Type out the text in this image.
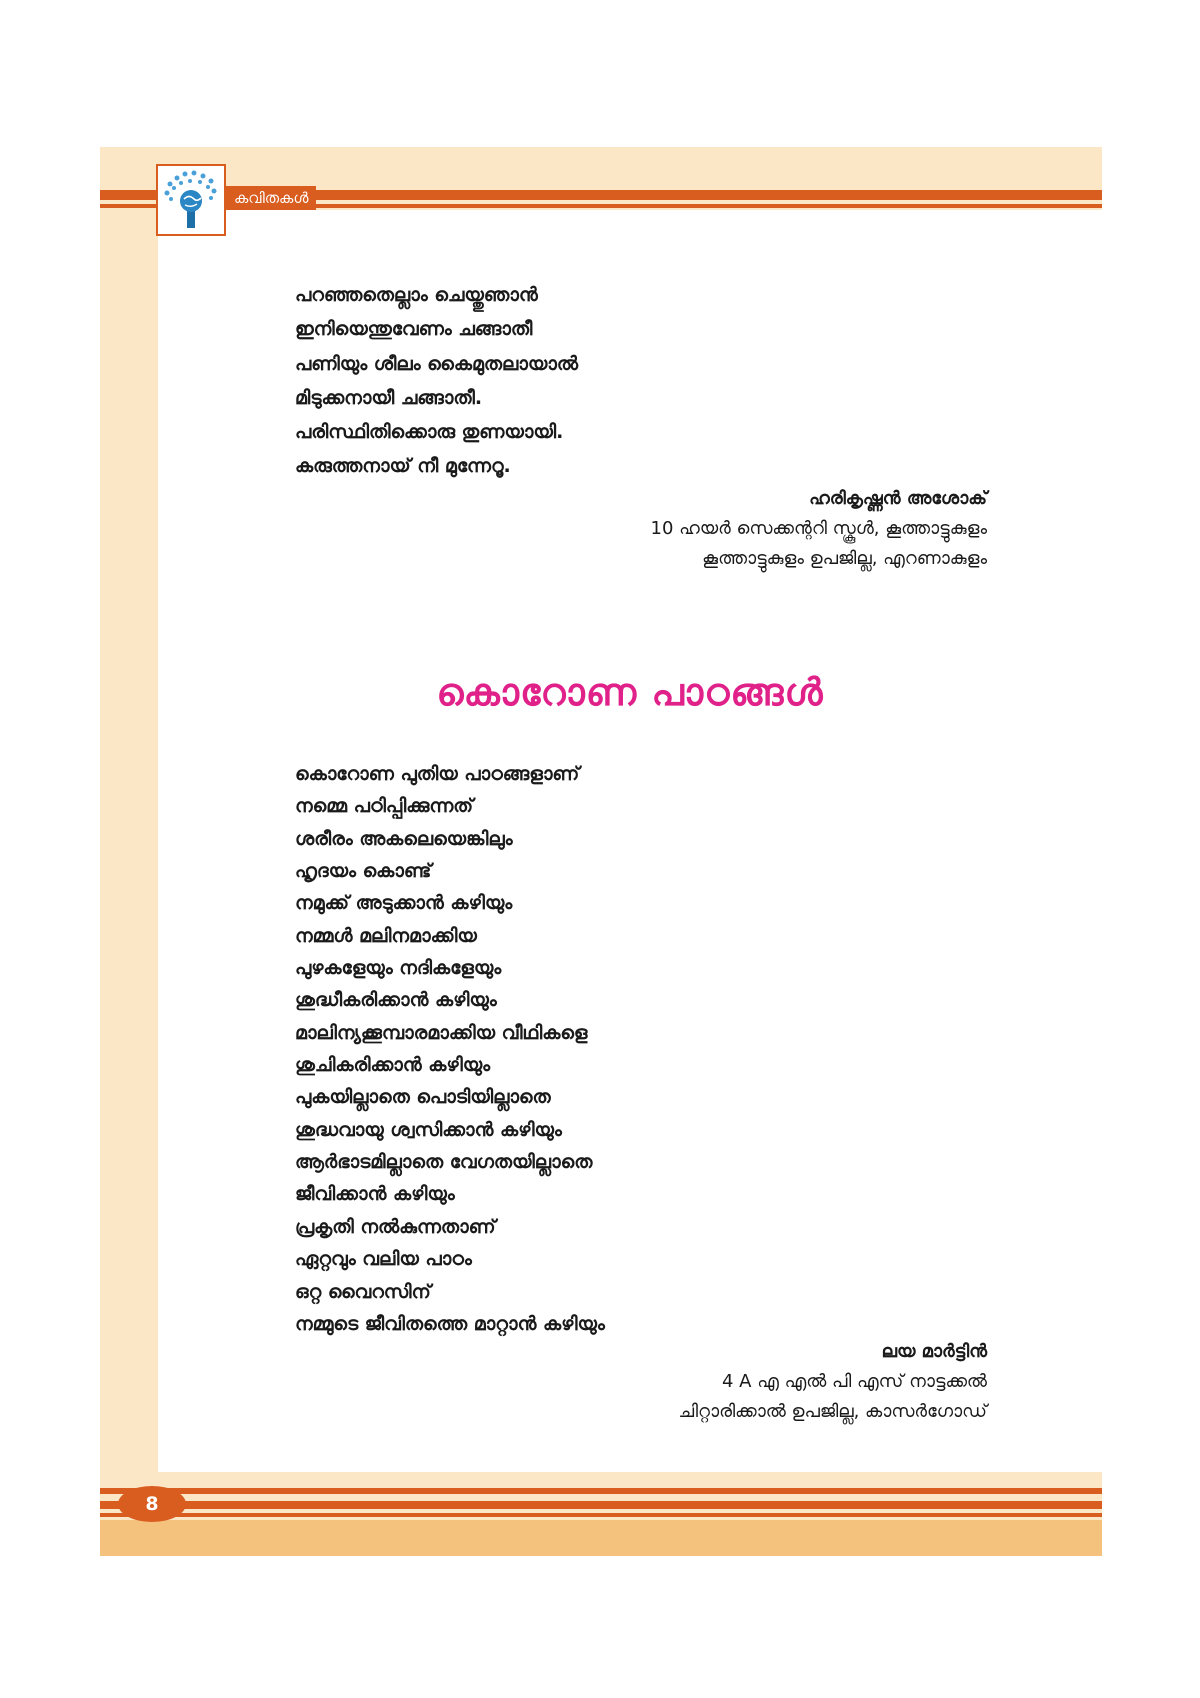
കവിതകൾ
പറഞ്ഞതെല്ലാം ചെയ്തുഞാൻ
ഇനിയെന്തുവേണം ചങ്ങാതീ
പണിയും ശീലം കൈമുതലായാൽ
മിടുക്കനായീ ചങ്ങാതീ.
പരിസ്ഥിതിക്കൊരു തുണയായി.
കരുത്തനായ് നീ മുന്നേറൂ.
ഹരികൃഷ്ണൻ അശോക്
10 ഹയർ സെക്കന്ററി സ്കൂൾ, കൂത്താട്ടുകുളം
കൂത്താട്ടുകുളം ഉപജില്ല, എറണാകുളം
കൊറോണ പാഠങ്ങൾ
കൊറോണ പുതിയ പാഠങ്ങളാണ്
നമ്മെ പഠിപ്പിക്കുന്നത്
ശരീരം അകലെയെങ്കിലും
ഹൃദയം കൊണ്ട്
നമുക്ക് അടുക്കാൻ കഴിയും
നമ്മൾ മലിനമാക്കിയ
പുഴകളേയും നദികളേയും
ശുദ്ധീകരിക്കാൻ കഴിയും
മാലിന്യക്കൂമ്പാരമാക്കിയ വീഥികളെ
ശുചികരിക്കാൻ കഴിയും
പുകയില്ലാതെ പൊടിയില്ലാതെ
ശുദ്ധവായു ശ്വസിക്കാൻ കഴിയും
ആർഭാടമില്ലാതെ വേഗതയില്ലാതെ
ജീവിക്കാൻ കഴിയും
പ്രകൃതി നൽകുന്നതാണ്
ഏറ്റവും വലിയ പാഠം
ഒറ്റ വൈറസിന്
നമ്മുടെ ജീവിതത്തെ മാറ്റാൻ കഴിയും
ലയ മാർട്ടിൻ
4 A എ എൽ പി എസ് നാട്ടക്കൽ
ചിറ്റാരിക്കാൽ ഉപജില്ല, കാസർഗോഡ്
8
